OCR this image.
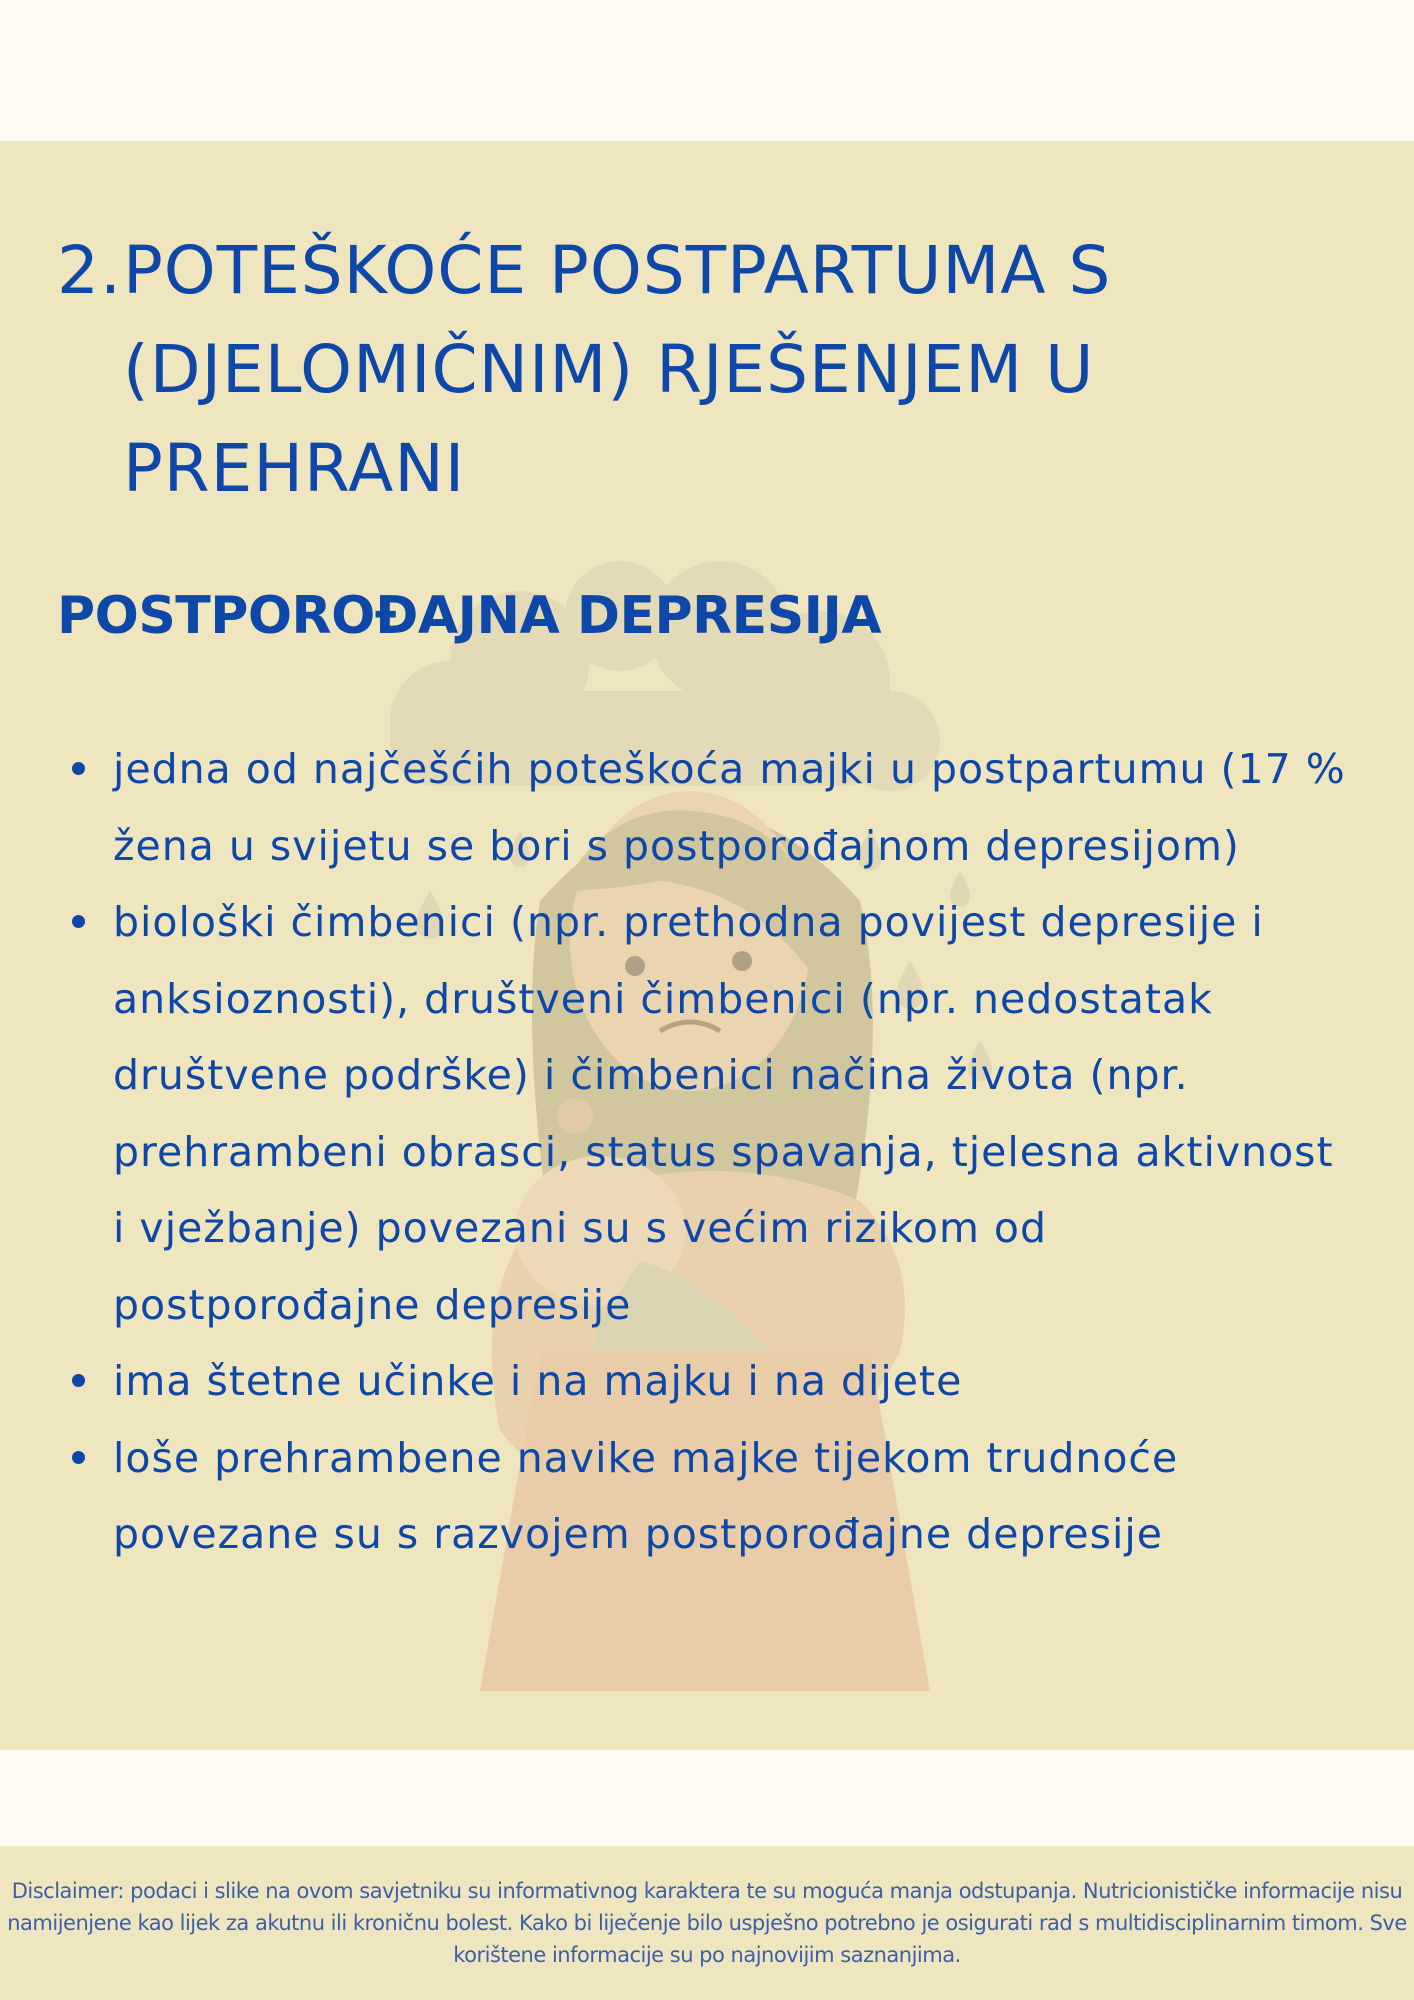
2. POTEŠKOĆE POSTPARTUMA S (DJELOMIČNIM) RJEŠENJEM U PREHRANI
POSTPOROĐAJNA DEPRESIJA
jedna od najčešćih poteškoća majki u postpartumu (17 % žena u svijetu se bori s postporođajnom depresijom)
biološki čimbenici (npr. prethodna povijest depresije i anksioznosti), društveni čimbenici (npr. nedostatak društvene podrške) i čimbenici načina života (npr. prehrambeni obrasci, status spavanja, tjelesna aktivnost i vježbanje) povezani su s većim rizikom od postporođajne depresije
ima štetne učinke i na majku i na dijete
loše prehrambene navike majke tijekom trudnoće povezane su s razvojem postporođajne depresije
Disclaimer: podaci i slike na ovom savjetniku su informativnog karaktera te su moguća manja odstupanja. Nutricionističke informacije nisu namijenjene kao lijek za akutnu ili kroničnu bolest. Kako bi liječenje bilo uspješno potrebno je osigurati rad s multidisciplinarnim timom. Sve korištene informacije su po najnovijim saznanjima.
